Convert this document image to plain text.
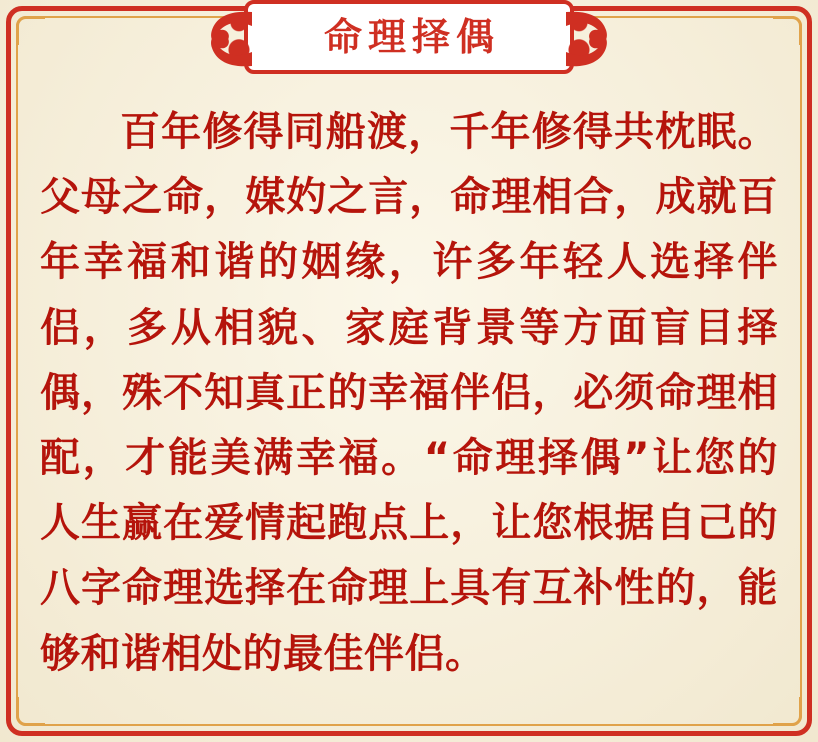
命理择偶

百年修得同船渡，千年修得共枕眠。父母之命，媒妁之言，命理相合，成就百年幸福和谐的姻缘，许多年轻人选择伴侣，多从相貌、家庭背景等方面盲目择偶，殊不知真正的幸福伴侣，必须命理相配，才能美满幸福。“命理择偶”让您的人生赢在爱情起跑点上，让您根据自己的八字命理选择在命理上具有互补性的，能够和谐相处的最佳伴侣。
